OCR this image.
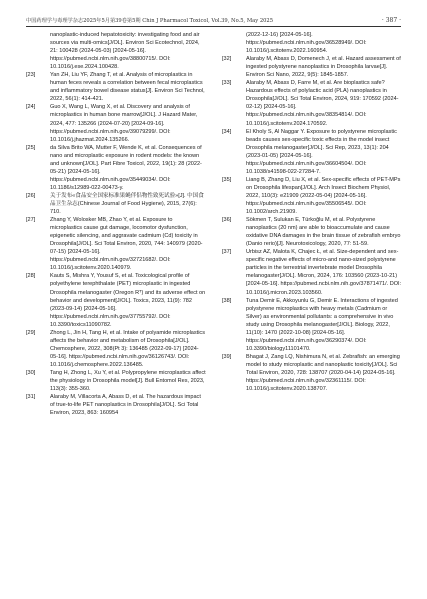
中国药理学与毒理学杂志2025年5月第39卷第5期 Chin J Pharmacol Toxicol, Vol.39, No.5, May 2025	· 387 ·
nanoplastic-induced hepatotoxicity: investigating food and air sources via multi-omics[J/OL]. Environ Sci Ecotechnol, 2024, 21: 100428 (2024-05-03) [2024-05-16]. https://pubmed.ncbi.nlm.nih.gov/38800715/. DOI: 10.1016/j.ese.2024.100428.
[23]	Yan ZH, Liu YF, Zhang T, et al. Analysis of microplastics in human feces reveals a correlation between fecal microplastics and inflammatory bowel disease status[J]. Environ Sci Technol, 2022, 56(1): 414-421.
[24]	Guo X, Wang L, Wang X, et al. Discovery and analysis of microplastics in human bone marrow[J/OL]. J Hazard Mater, 2024, 477: 135266 (2024-07-20) [2024-09-16]. https://pubmed.ncbi.nlm.nih.gov/39079299/. DOI: 10.1016/j.jhazmat.2024.135266.
[25]	da Silva Brito WA, Mutter F, Wende K, et al. Consequences of nano and microplastic exposure in rodent models: the known and unknown[J/OL]. Part Fibre Toxicol, 2022, 19(1): 28 (2022-05-21) [2024-05-16]. https://pubmed.ncbi.nlm.nih.gov/35449034/. DOI: 10.1186/s12989-022-00473-y.
[26]	关于发布«食品安全国家标准果蝇伴侣物性致死试验»[J]. 中国食品卫生杂志(Chinese Journal of Food Hygiene), 2015, 27(6): 710.
[27]	Zhang Y, Wolosker MB, Zhao Y, et al. Exposure to microplastics cause gut damage, locomotor dysfunction, epigenetic silencing, and aggravate cadmium (Cd) toxicity in Drosophila[J/OL]. Sci Total Environ, 2020, 744: 140979 (2020-07-15) [2024-05-16]. https://pubmed.ncbi.nlm.nih.gov/32721682/. DOI: 10.1016/j.scitotenv.2020.140979.
[28]	Kauts S, Mishra Y, Yousuf S, et al. Toxicological profile of polyethylene terephthalate (PET) microplastic in ingested Drosophila melanogaster (Oregon Rᵀ) and its adverse effect on behavior and development[J/OL]. Toxics, 2023, 11(9): 782 (2023-09-14) [2024-05-16]. https://pubmed.ncbi.nlm.nih.gov/37755792/. DOI: 10.3390/toxics11090782.
[29]	Zhong L, Jin H, Tang H, et al. Intake of polyamide microplastics affects the behavior and metabolism of Drosophila[J/OL]. Chemosphere, 2022, 308(Pt 3): 136485 (2022-09-17) [2024-05-16]. https://pubmed.ncbi.nlm.nih.gov/36126743/. DOI: 10.1016/j.chemosphere.2022.136485.
[30]	Tang H, Zhong L, Xu Y, et al. Polypropylene microplastics affect the physiology in Drosophila model[J]. Bull Entomol Res, 2023, 113(3): 355-360.
[31]	Alaraby M, Villacorta A, Abass D, et al. The hazardous impact of true-to-life PET nanoplastics in Drosophila[J/OL]. Sci Total Environ, 2023, 863: 160954
(2022-12-16) [2024-05-16]. https://pubmed.ncbi.nlm.nih.gov/36528949/. DOI: 10.1016/j.scitotenv.2022.160954.
[32]	Alaraby M, Abass D, Domenech J, et al. Hazard assessment of ingested polystyrene nanoplastics in Drosophila larvae[J]. Environ Sci Nano, 2022, 9(5): 1845-1857.
[33]	Alaraby M, Abass D, Farre M, et al. Are bioplastics safe? Hazardous effects of polylactic acid (PLA) nanoplastics in Drosophila[J/OL]. Sci Total Environ, 2024, 919: 170592 (2024-02-12) [2024-05-16]. https://pubmed.ncbi.nlm.nih.gov/38354814/. DOI: 10.1016/j.scitotenv.2024.170592.
[34]	El Kholy S, Al Naggar Y. Exposure to polystyrene microplastic beads causes sex-specific toxic effects in the model insect Drosophila melanogaster[J/OL]. Sci Rep, 2023, 13(1): 204 (2023-01-05) [2024-05-16]. https://pubmed.ncbi.nlm.nih.gov/36604504/. DOI: 10.1038/s41598-022-27284-7.
[35]	Liang B, Zhang D, Liu X, et al. Sex-specific effects of PET-MPs on Drosophila lifespan[J/OL]. Arch Insect Biochem Physiol, 2022, 110(3): e21909 (2022-05-04) [2024-05-16]. https://pubmed.ncbi.nlm.nih.gov/35506545/. DOI: 10.1002/arch.21909.
[36]	Sökmen T, Sulukan E, Türkoğlu M, et al. Polystyrene nanoplastics (20 nm) are able to bioaccumulate and cause oxidative DNA damages in the brain tissue of zebrafish embryo (Danio rerio)[J]. Neurotoxicology, 2020, 77: 51-59.
[37]	Urbisz AZ, Malota K, Chajec Ł, et al. Size-dependent and sex-specific negative effects of micro-and nano-sized polystyrene particles in the terrestrial invertebrate model Drosophila melanogaster[J/OL]. Micron, 2024, 176: 103560 (2023-10-21) [2024-05-16]. https://pubmed.ncbi.nlm.nih.gov/37871471/. DOI: 10.1016/j.micron.2023.103560.
[38]	Tuna Demir E, Akkoyunlu G, Demir E. Interactions of ingested polystyrene microplastics with heavy metals (Cadmium or Silver) as environmental pollutants: a comprehensive in vivo study using Drosophila melanogaster[J/OL]. Biology, 2022, 11(10): 1470 (2022-10-08) [2024-05-16]. https://pubmed.ncbi.nlm.nih.gov/36290374/. DOI: 10.3390/biology11101470.
[39]	Bhagat J, Zang LQ, Nishimura N, et al. Zebrafish: an emerging model to study microplastic and nanoplastic toxicity[J/OL]. Sci Total Environ, 2020, 728: 138707 (2020-04-14) [2024-05-16]. https://pubmed.ncbi.nlm.nih.gov/32361115/. DOI: 10.1016/j.scitotenv.2020.138707.
